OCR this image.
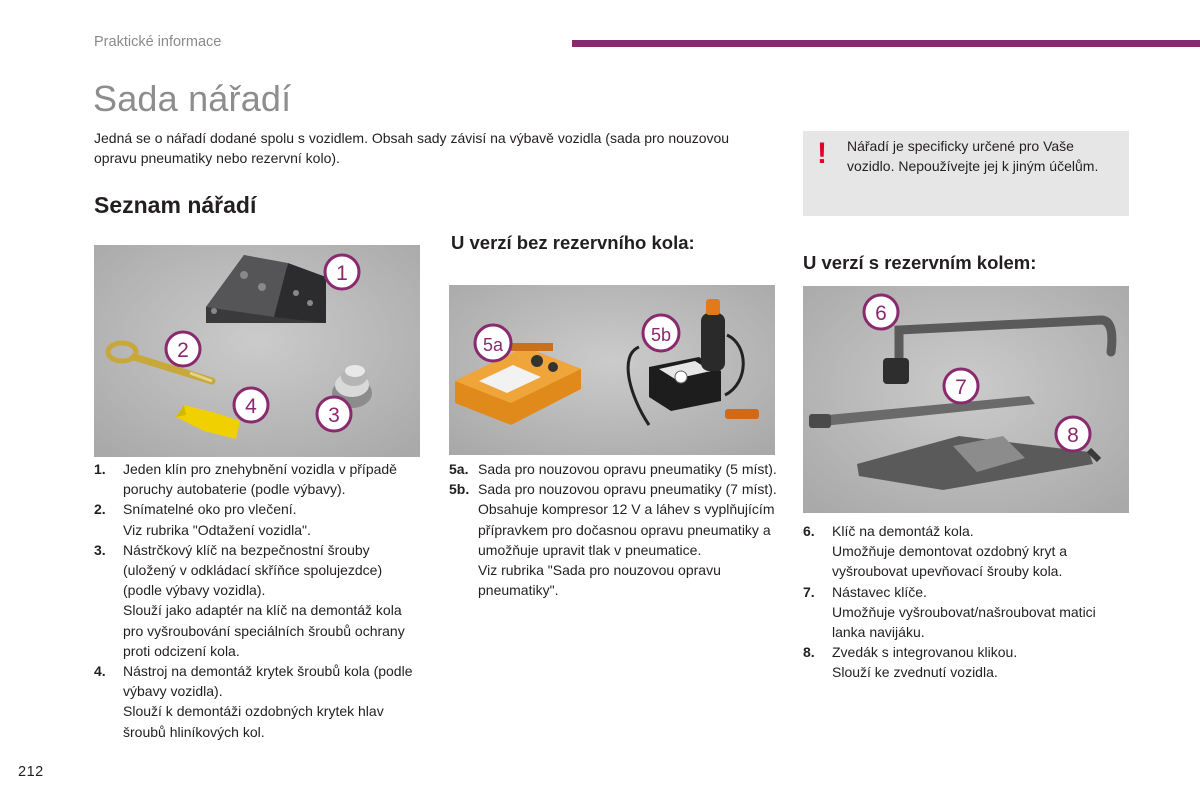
Praktické informace
Sada nářadí
Jedná se o nářadí dodané spolu s vozidlem. Obsah sady závisí na výbavě vozidla (sada pro nouzovou opravu pneumatiky nebo rezervní kolo).	! Nářadí je specificky určené pro Vaše vozidlo. Nepoužívejte jej k jiným účelům.
Seznam nářadí
U verzí bez rezervního kola:
U verzí s rezervním kolem:
1
2
3
4
5a	5b
6
7
8
1. Jeden klín pro znehybnění vozidla v případě poruchy autobaterie (podle výbavy).
2. Snímatelné oko pro vlečení.
Viz rubrika "Odtažení vozidla".
3. Nástrčkový klíč na bezpečnostní šrouby (uložený v odkládací skříňce spolujezdce) (podle výbavy vozidla).
Slouží jako adaptér na klíč na demontáž kola pro vyšroubování speciálních šroubů ochrany proti odcizení kola.
4. Nástroj na demontáž krytek šroubů kola (podle výbavy vozidla).
Slouží k demontáži ozdobných krytek hlav šroubů hliníkových kol.
5a. Sada pro nouzovou opravu pneumatiky (5 míst).
5b. Sada pro nouzovou opravu pneumatiky (7 míst).
Obsahuje kompresor 12 V a láhev s vyplňujícím přípravkem pro dočasnou opravu pneumatiky a umožňuje upravit tlak v pneumatice.
Viz rubrika "Sada pro nouzovou opravu pneumatiky".
6. Klíč na demontáž kola.
Umožňuje demontovat ozdobný kryt a vyšroubovat upevňovací šrouby kola.
7. Nástavec klíče.
Umožňuje vyšroubovat/našroubovat matici lanka navijáku.
8. Zvedák s integrovanou klikou.
Slouží ke zvednutí vozidla.
212
